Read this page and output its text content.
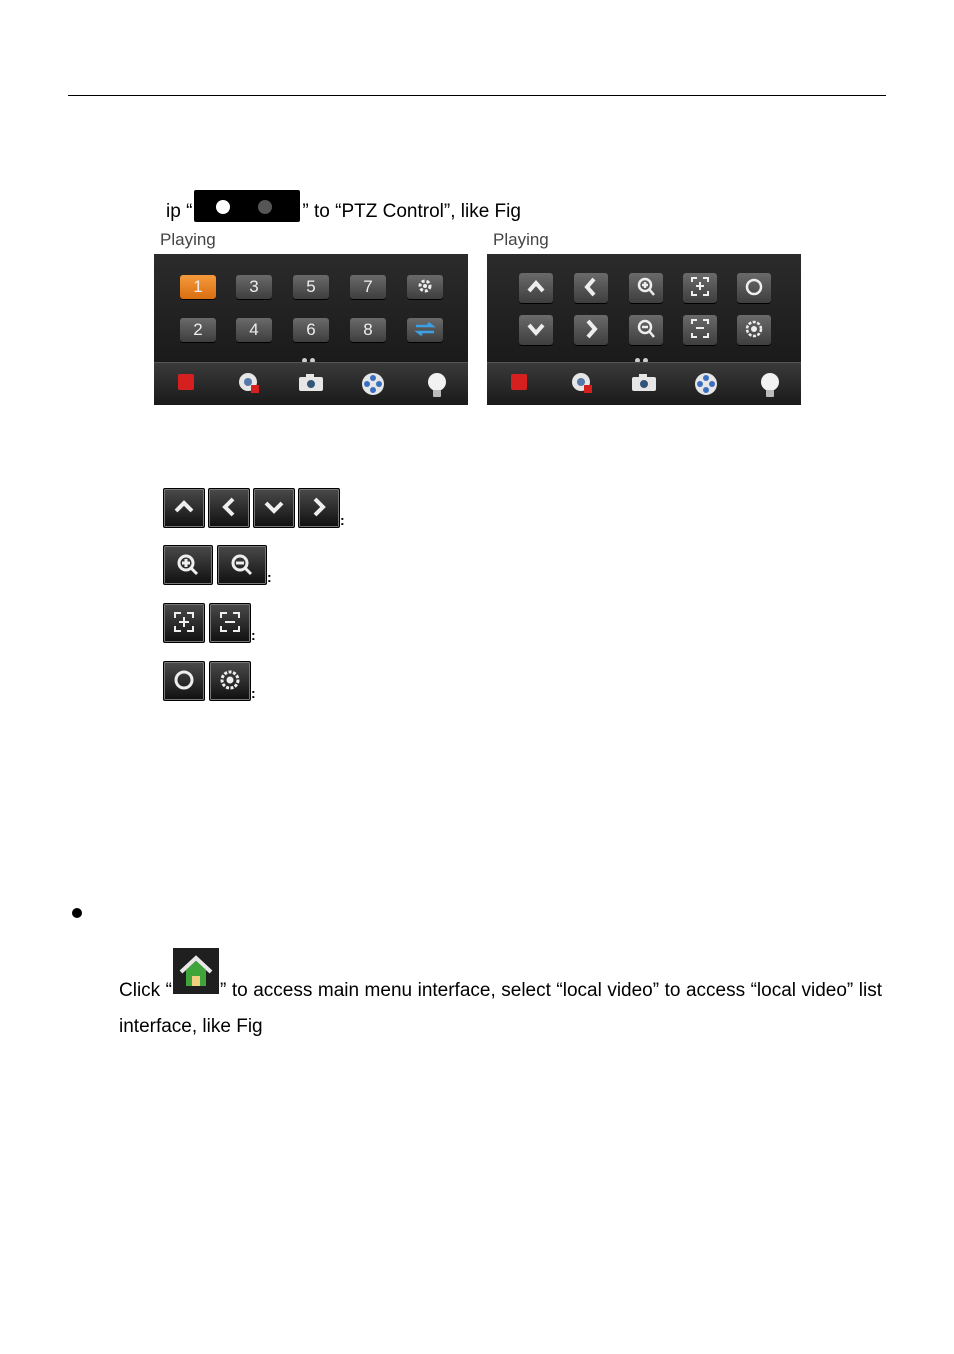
ip “	” to “PTZ Control”, like Fig
Playing
1	3	5	7
2	4	6	8
Playing
:
:
:
:
Click “	” to access main menu interface, select “local video” to access “local video” list interface, like Fig
